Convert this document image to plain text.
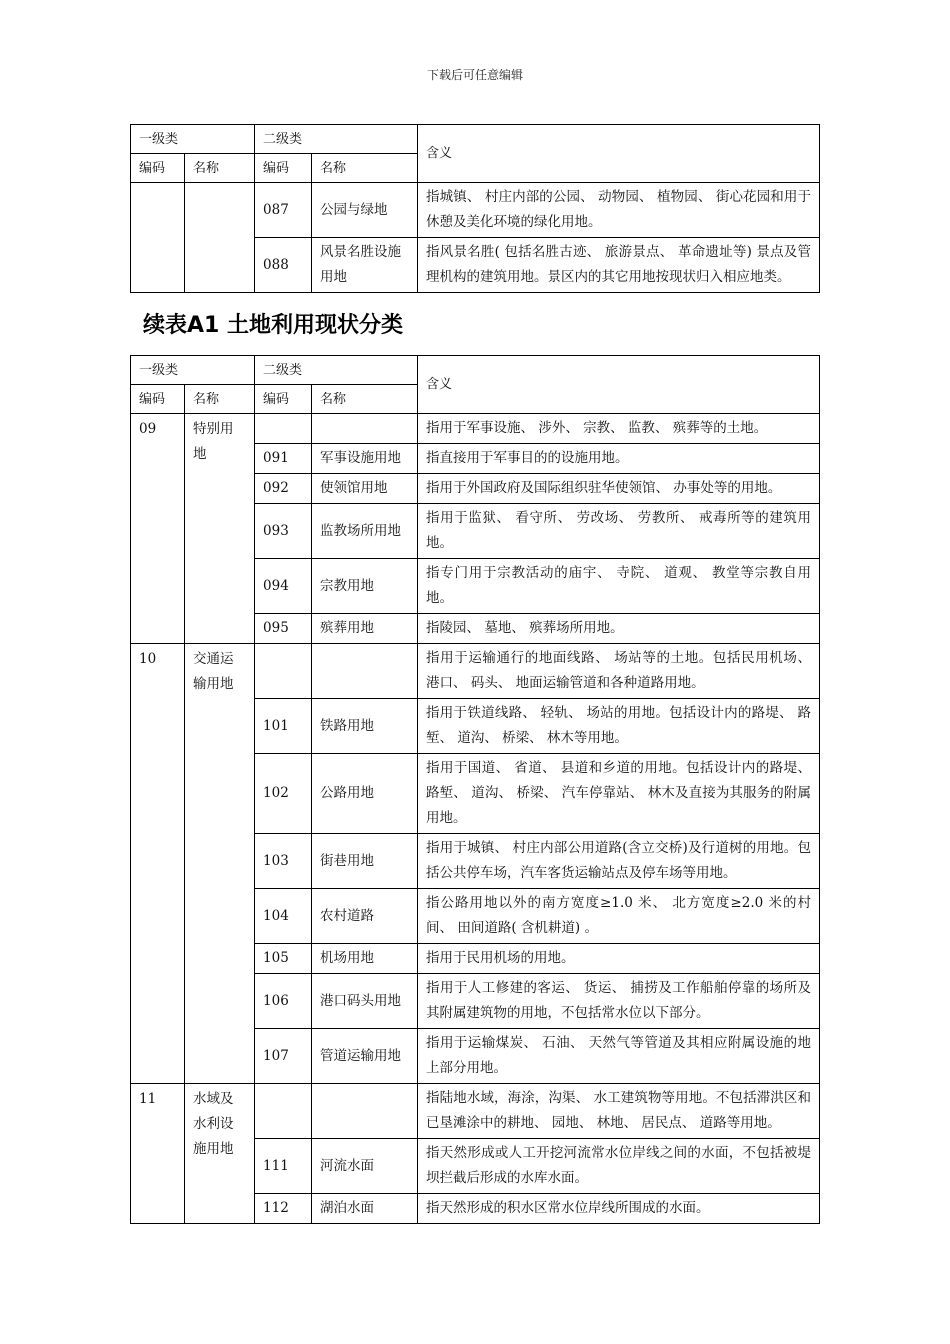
下载后可任意编辑
一级类		二级类		含义
编码	名称	编码	名称	
		087	公园与绿地	指城镇、 村庄内部的公园、 动物园、 植物园、 街心花园和用于休憩及美化环境的绿化用地。
		088	风景名胜设施用地	指风景名胜( 包括名胜古迹、 旅游景点、 革命遗址等) 景点及管理机构的建筑用地。景区内的其它用地按现状归入相应地类。
续表A1 土地利用现状分类
一级类		二级类		含义
编码	名称	编码	名称	
09	特别用地			指用于军事设施、 涉外、 宗教、 监教、 殡葬等的土地。
		091	军事设施用地	指直接用于军事目的的设施用地。
		092	使领馆用地	指用于外国政府及国际组织驻华使领馆、 办事处等的用地。
		093	监教场所用地	指用于监狱、 看守所、 劳改场、 劳教所、 戒毒所等的建筑用地。
		094	宗教用地	指专门用于宗教活动的庙宇、 寺院、 道观、 教堂等宗教自用地。
		095	殡葬用地	指陵园、 墓地、 殡葬场所用地。
10	交通运输用地			指用于运输通行的地面线路、 场站等的土地。包括民用机场、 港口、 码头、 地面运输管道和各种道路用地。
		101	铁路用地	指用于铁道线路、 轻轨、 场站的用地。包括设计内的路堤、 路堑、 道沟、 桥梁、 林木等用地。
		102	公路用地	指用于国道、 省道、 县道和乡道的用地。包括设计内的路堤、 路堑、 道沟、 桥梁、 汽车停靠站、 林木及直接为其服务的附属用地。
		103	街巷用地	指用于城镇、 村庄内部公用道路(含立交桥)及行道树的用地。包括公共停车场，汽车客货运输站点及停车场等用地。
		104	农村道路	指公路用地以外的南方宽度≥1.0 米、 北方宽度≥2.0 米的村间、 田间道路( 含机耕道) 。
		105	机场用地	指用于民用机场的用地。
		106	港口码头用地	指用于人工修建的客运、 货运、 捕捞及工作船舶停靠的场所及其附属建筑物的用地，不包括常水位以下部分。
		107	管道运输用地	指用于运输煤炭、 石油、 天然气等管道及其相应附属设施的地上部分用地。
11	水域及水利设施用地			指陆地水域，海涂，沟渠、 水工建筑物等用地。不包括滞洪区和已垦滩涂中的耕地、 园地、 林地、 居民点、 道路等用地。
		111	河流水面	指天然形成或人工开挖河流常水位岸线之间的水面，不包括被堤坝拦截后形成的水库水面。
		112	湖泊水面	指天然形成的积水区常水位岸线所围成的水面。
